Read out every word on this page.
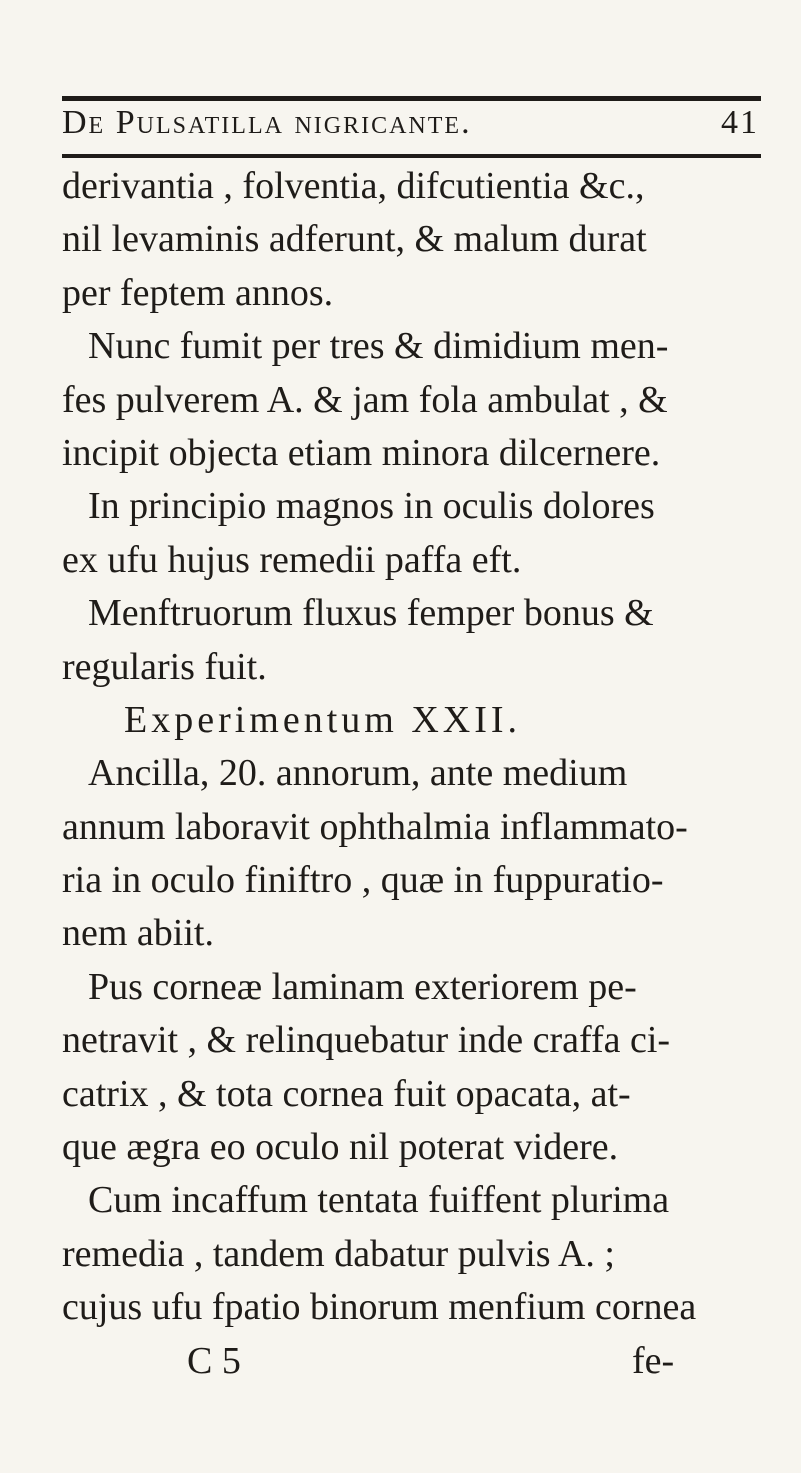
De Pulsatilla nigricante.	41
derivantia , folventia, difcutientia &c.,
nil levaminis adferunt, & malum durat
per feptem annos.
Nunc fumit per tres & dimidium men-
fes pulverem A. & jam fola ambulat , &
incipit objecta etiam minora dilcernere.
In principio magnos in oculis dolores
ex ufu hujus remedii paffa eft.
Menftruorum fluxus femper bonus &
regularis fuit.
Experimentum XXII.
Ancilla, 20. annorum, ante medium
annum laboravit ophthalmia inflammato-
ria in oculo finiftro , quæ in fuppuratio-
nem abiit.
Pus corneæ laminam exteriorem pe-
netravit , & relinquebatur inde craffa ci-
catrix , & tota cornea fuit opacata, at-
que ægra eo oculo nil poterat videre.
Cum incaffum tentata fuiffent plurima
remedia , tandem dabatur pulvis A. ;
cujus ufu fpatio binorum menfium cornea
C 5	fe-
